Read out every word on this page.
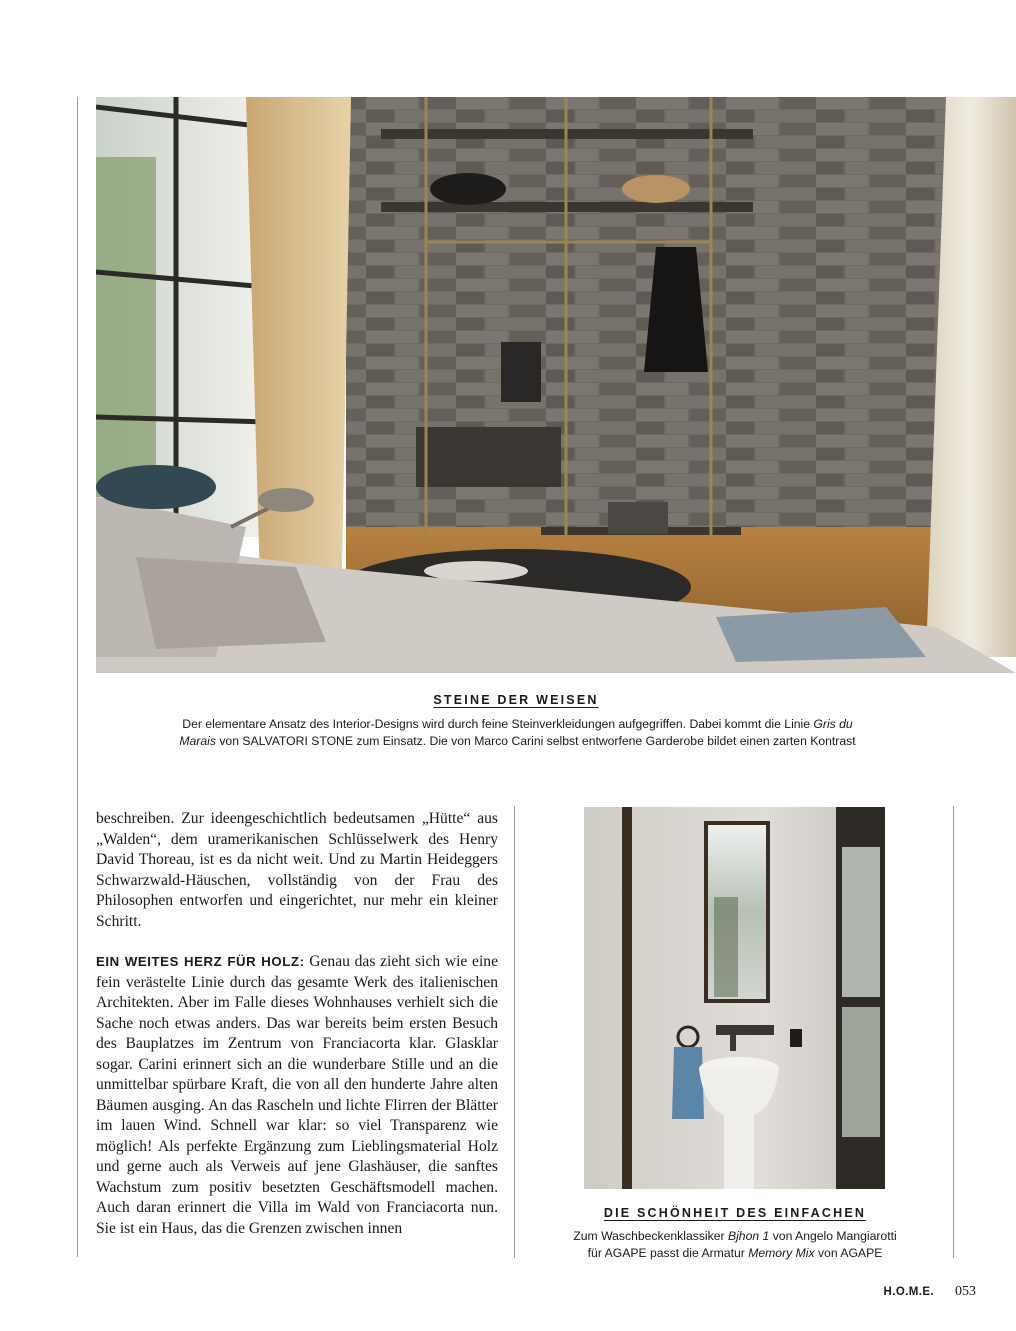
STEINE DER WEISEN
Der elementare Ansatz des Interior-Designs wird durch feine Steinverkleidungen aufgegriffen. Dabei kommt die Linie Gris du
Marais von SALVATORI STONE zum Einsatz. Die von Marco Carini selbst entworfene Garderobe bildet einen zarten Kontrast

beschreiben. Zur ideengeschichtlich bedeutsamen „Hütte“ aus „Walden“, dem uramerikanischen Schlüsselwerk des Henry David Thoreau, ist es da nicht weit. Und zu Martin Heideggers Schwarzwald-Häuschen, vollständig von der Frau des Philosophen entworfen und eingerichtet, nur mehr ein kleiner Schritt.

EIN WEITES HERZ FÜR HOLZ: Genau das zieht sich wie eine fein verästelte Linie durch das gesamte Werk des italienischen Architekten. Aber im Falle dieses Wohnhauses verhielt sich die Sache noch etwas anders. Das war bereits beim ersten Besuch des Bauplatzes im Zentrum von Franciacorta klar. Glasklar sogar. Carini erinnert sich an die wunderbare Stille und an die unmittelbar spürbare Kraft, die von all den hunderte Jahre alten Bäumen ausging. An das Rascheln und lichte Flirren der Blätter im lauen Wind. Schnell war klar: so viel Transparenz wie möglich! Als perfekte Ergänzung zum Lieblingsmaterial Holz und gerne auch als Verweis auf jene Glashäuser, die sanftes Wachstum zum positiv besetzten Geschäftsmodell machen. Auch daran erinnert die Villa im Wald von Franciacorta nun. Sie ist ein Haus, das die Grenzen zwischen innen

DIE SCHÖNHEIT DES EINFACHEN
Zum Waschbeckenklassiker Bjhon 1 von Angelo Mangiarotti
für AGAPE passt die Armatur Memory Mix von AGAPE
H.O.M.E. 053
